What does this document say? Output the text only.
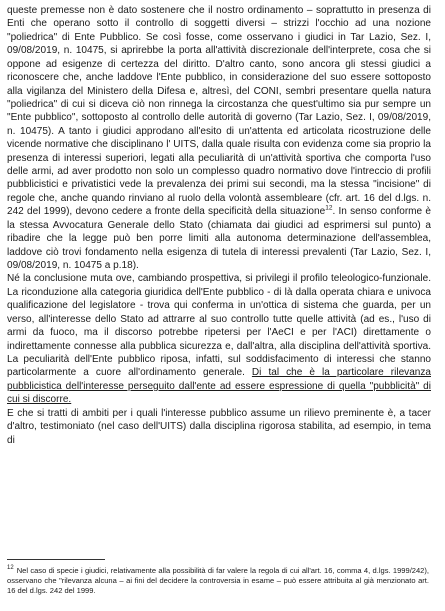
queste premesse non è dato sostenere che il nostro ordinamento – soprattutto in presenza di Enti che operano sotto il controllo di soggetti diversi – strizzi l'occhio ad una nozione "poliedrica" di Ente Pubblico. Se così fosse, come osservano i giudici in Tar Lazio, Sez. I, 09/08/2019, n. 10475, si aprirebbe la porta all'attività discrezionale dell'interprete, cosa che si oppone ad esigenze di certezza del diritto. D'altro canto, sono ancora gli stessi giudici a riconoscere che, anche laddove l'Ente pubblico, in considerazione del suo essere sottoposto alla vigilanza del Ministero della Difesa e, altresì, del CONI, sembri presentare quella natura "poliedrica" di cui si diceva ciò non rinnega la circostanza che quest'ultimo sia pur sempre un "Ente pubblico", sottoposto al controllo delle autorità di governo (Tar Lazio, Sez. I, 09/08/2019, n. 10475). A tanto i giudici approdano all'esito di un'attenta ed articolata ricostruzione delle vicende normative che disciplinano l' UITS, dalla quale risulta con evidenza come sia proprio la presenza di interessi superiori, legati alla peculiarità di un'attività sportiva che comporta l'uso delle armi, ad aver prodotto non solo un complesso quadro normativo dove l'intreccio di profili pubblicistici e privatistici vede la prevalenza dei primi sui secondi, ma la stessa "incisione" di regole che, anche quando rinviano al ruolo della volontà assembleare (cfr. art. 16 del d.lgs. n. 242 del 1999), devono cedere a fronte della specificità della situazione$^{12}$. In senso conforme è la stessa Avvocatura Generale dello Stato (chiamata dai giudici ad esprimersi sul punto) a ribadire che la legge può ben porre limiti alla autonoma determinazione dell'assemblea, laddove ciò trovi fondamento nella esigenza di tutela di interessi prevalenti (Tar Lazio, Sez. I, 09/08/2019, n. 10475 a p.18).

Né la conclusione muta ove, cambiando prospettiva, si privilegi il profilo teleologico-funzionale. La riconduzione alla categoria giuridica dell'Ente pubblico - di là dalla operata chiara e univoca qualificazione del legislatore - trova qui conferma in un'ottica di sistema che guarda, per un verso, all'interesse dello Stato ad attrarre al suo controllo tutte quelle attività (ad es., l'uso di armi da fuoco, ma il discorso potrebbe ripetersi per l'AeCI e per l'ACI) direttamente o indirettamente connesse alla pubblica sicurezza e, dall'altra, alla disciplina dell'attività sportiva. La peculiarità dell'Ente pubblico riposa, infatti, sul soddisfacimento di interessi che stanno particolarmente a cuore all'ordinamento generale. Di tal che è la particolare rilevanza pubblicistica dell'interesse perseguito dall'ente ad essere espressione di quella "pubblicità" di cui si discorre.

E che si tratti di ambiti per i quali l'interesse pubblico assume un rilievo preminente è, a tacer d'altro, testimoniato (nel caso dell'UITS) dalla disciplina rigorosa stabilita, ad esempio, in tema di

$^{12}$ Nel caso di specie i giudici, relativamente alla possibilità di far valere la regola di cui all'art. 16, comma 4, d.lgs. 1999/242), osservano che "rilevanza alcuna – ai fini del decidere la controversia in esame – può essere attribuita al già menzionato art. 16 del d.lgs. 242 del 1999.
